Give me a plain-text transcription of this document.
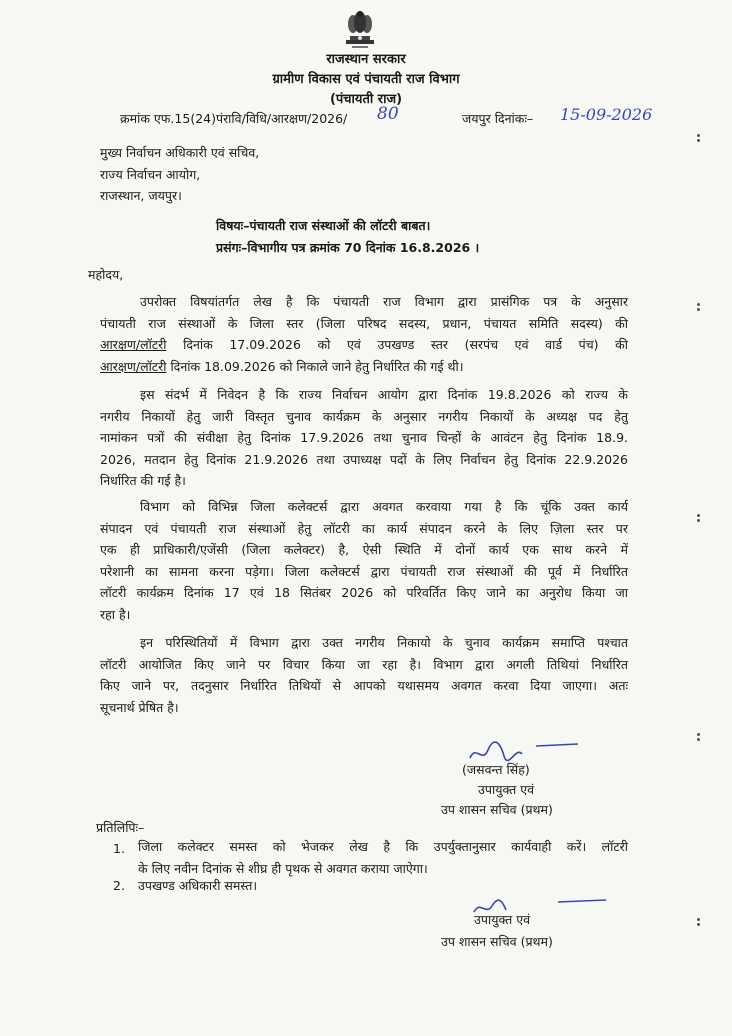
राजस्थान सरकार
ग्रामीण विकास एवं पंचायती राज विभाग
(पंचायती राज)
क्रमांक एफ.15(24)पंरावि/विधि/आरक्षण/2026/ 80	जयपुर दिनांकः– 15-09-2026
मुख्य निर्वाचन अधिकारी एवं सचिव,
राज्य निर्वाचन आयोग,
राजस्थान, जयपुर।
विषयः–पंचायती राज संस्थाओं की लॉटरी बाबत।
प्रसंगः–विभागीय पत्र क्रमांक 70 दिनांक 16.8.2026 ।
महोदय,
उपरोक्त विषयांतर्गत लेख है कि पंचायती राज विभाग द्वारा प्रासंगिक पत्र के अनुसार
पंचायती राज संस्थाओं के जिला स्तर (जिला परिषद सदस्य, प्रधान, पंचायत समिति सदस्य) की
आरक्षण/लॉटरी दिनांक 17.09.2026 को एवं उपखण्ड स्तर (सरपंच एवं वार्ड पंच) की
आरक्षण/लॉटरी दिनांक 18.09.2026 को निकाले जाने हेतु निर्धारित की गई थी।
इस संदर्भ में निवेदन है कि राज्य निर्वाचन आयोग द्वारा दिनांक 19.8.2026 को राज्य के
नगरीय निकायों हेतु जारी विस्तृत चुनाव कार्यक्रम के अनुसार नगरीय निकायों के अध्यक्ष पद हेतु
नामांकन पत्रों की संवीक्षा हेतु दिनांक 17.9.2026 तथा चुनाव चिन्हों के आवंटन हेतु दिनांक 18.9.
2026, मतदान हेतु दिनांक 21.9.2026 तथा उपाध्यक्ष पदों के लिए निर्वाचन हेतु दिनांक 22.9.2026
निर्धारित की गई है।
विभाग को विभिन्न जिला कलेक्टर्स द्वारा अवगत करवाया गया है कि चूंकि उक्त कार्य
संपादन एवं पंचायती राज संस्थाओं हेतु लॉटरी का कार्य संपादन करने के लिए ज़िला स्तर पर
एक ही प्राधिकारी/एजेंसी (जिला कलेक्टर) है, ऐसी स्थिति में दोनों कार्य एक साथ करने में
परेशानी का सामना करना पड़ेगा। जिला कलेक्टर्स द्वारा पंचायती राज संस्थाओं की पूर्व में निर्धारित
लॉटरी कार्यक्रम दिनांक 17 एवं 18 सितंबर 2026 को परिवर्तित किए जाने का अनुरोध किया जा
रहा है।
इन परिस्थितियों में विभाग द्वारा उक्त नगरीय निकायो के चुनाव कार्यक्रम समाप्ति पश्चात
लॉटरी आयोजित किए जाने पर विचार किया जा रहा है। विभाग द्वारा अगली तिथियां निर्धारित
किए जाने पर, तदनुसार निर्धारित तिथियों से आपको यथासमय अवगत करवा दिया जाएगा। अतः
सूचनार्थ प्रेषित है।
(जसवन्त सिंह)
उपायुक्त एवं
उप शासन सचिव (प्रथम)
प्रतिलिपिः–
1. जिला कलेक्टर समस्त को भेजकर लेख है कि उपर्युक्तानुसार कार्यवाही करें। लॉटरी
के लिए नवीन दिनांक से शीघ्र ही पृथक से अवगत कराया जाऐगा।
2. उपखण्ड अधिकारी समस्त।
उपायुक्त एवं
उप शासन सचिव (प्रथम)
